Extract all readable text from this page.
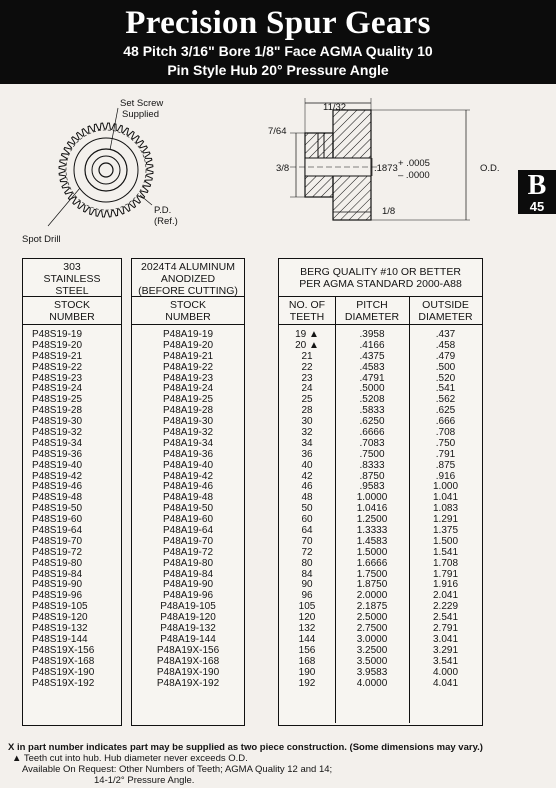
Precision Spur Gears
48 Pitch 3/16" Bore 1/8" Face AGMA Quality 10
Pin Style Hub 20° Pressure Angle
B
45
Set Screw
Supplied
P.D.
(Ref.)
Spot Drill
11/32
7/64
3/8	.1873 + .0005
– .0000
O.D.
1/8
303
STAINLESS
STEEL
STOCK
NUMBER
P48S19-19
P48S19-20
P48S19-21
P48S19-22
P48S19-23
P48S19-24
P48S19-25
P48S19-28
P48S19-30
P48S19-32
P48S19-34
P48S19-36
P48S19-40
P48S19-42
P48S19-46
P48S19-48
P48S19-50
P48S19-60
P48S19-64
P48S19-70
P48S19-72
P48S19-80
P48S19-84
P48S19-90
P48S19-96
P48S19-105
P48S19-120
P48S19-132
P48S19-144
P48S19X-156
P48S19X-168
P48S19X-190
P48S19X-192
2024T4 ALUMINUM
ANODIZED
(BEFORE CUTTING)
STOCK
NUMBER
P48A19-19
P48A19-20
P48A19-21
P48A19-22
P48A19-23
P48A19-24
P48A19-25
P48A19-28
P48A19-30
P48A19-32
P48A19-34
P48A19-36
P48A19-40
P48A19-42
P48A19-46
P48A19-48
P48A19-50
P48A19-60
P48A19-64
P48A19-70
P48A19-72
P48A19-80
P48A19-84
P48A19-90
P48A19-96
P48A19-105
P48A19-120
P48A19-132
P48A19-144
P48A19X-156
P48A19X-168
P48A19X-190
P48A19X-192
BERG QUALITY #10 OR BETTER
PER AGMA STANDARD 2000-A88
NO. OF
TEETH
19 ▲
20 ▲
21
22
23
24
25
28
30
32
34
36
40
42
46
48
50
60
64
70
72
80
84
90
96
105
120
132
144
156
168
190
192
PITCH
DIAMETER
.3958
.4166
.4375
.4583
.4791
.5000
.5208
.5833
.6250
.6666
.7083
.7500
.8333
.8750
.9583
1.0000
1.0416
1.2500
1.3333
1.4583
1.5000
1.6666
1.7500
1.8750
2.0000
2.1875
2.5000
2.7500
3.0000
3.2500
3.5000
3.9583
4.0000
OUTSIDE
DIAMETER
.437
.458
.479
.500
.520
.541
.562
.625
.666
.708
.750
.791
.875
.916
1.000
1.041
1.083
1.291
1.375
1.500
1.541
1.708
1.791
1.916
2.041
2.229
2.541
2.791
3.041
3.291
3.541
4.000
4.041
X in part number indicates part may be supplied as two piece construction. (Some dimensions may vary.)
▲ Teeth cut into hub. Hub diameter never exceeds O.D.
Available On Request: Other Numbers of Teeth; AGMA Quality 12 and 14;
14-1/2° Pressure Angle.
